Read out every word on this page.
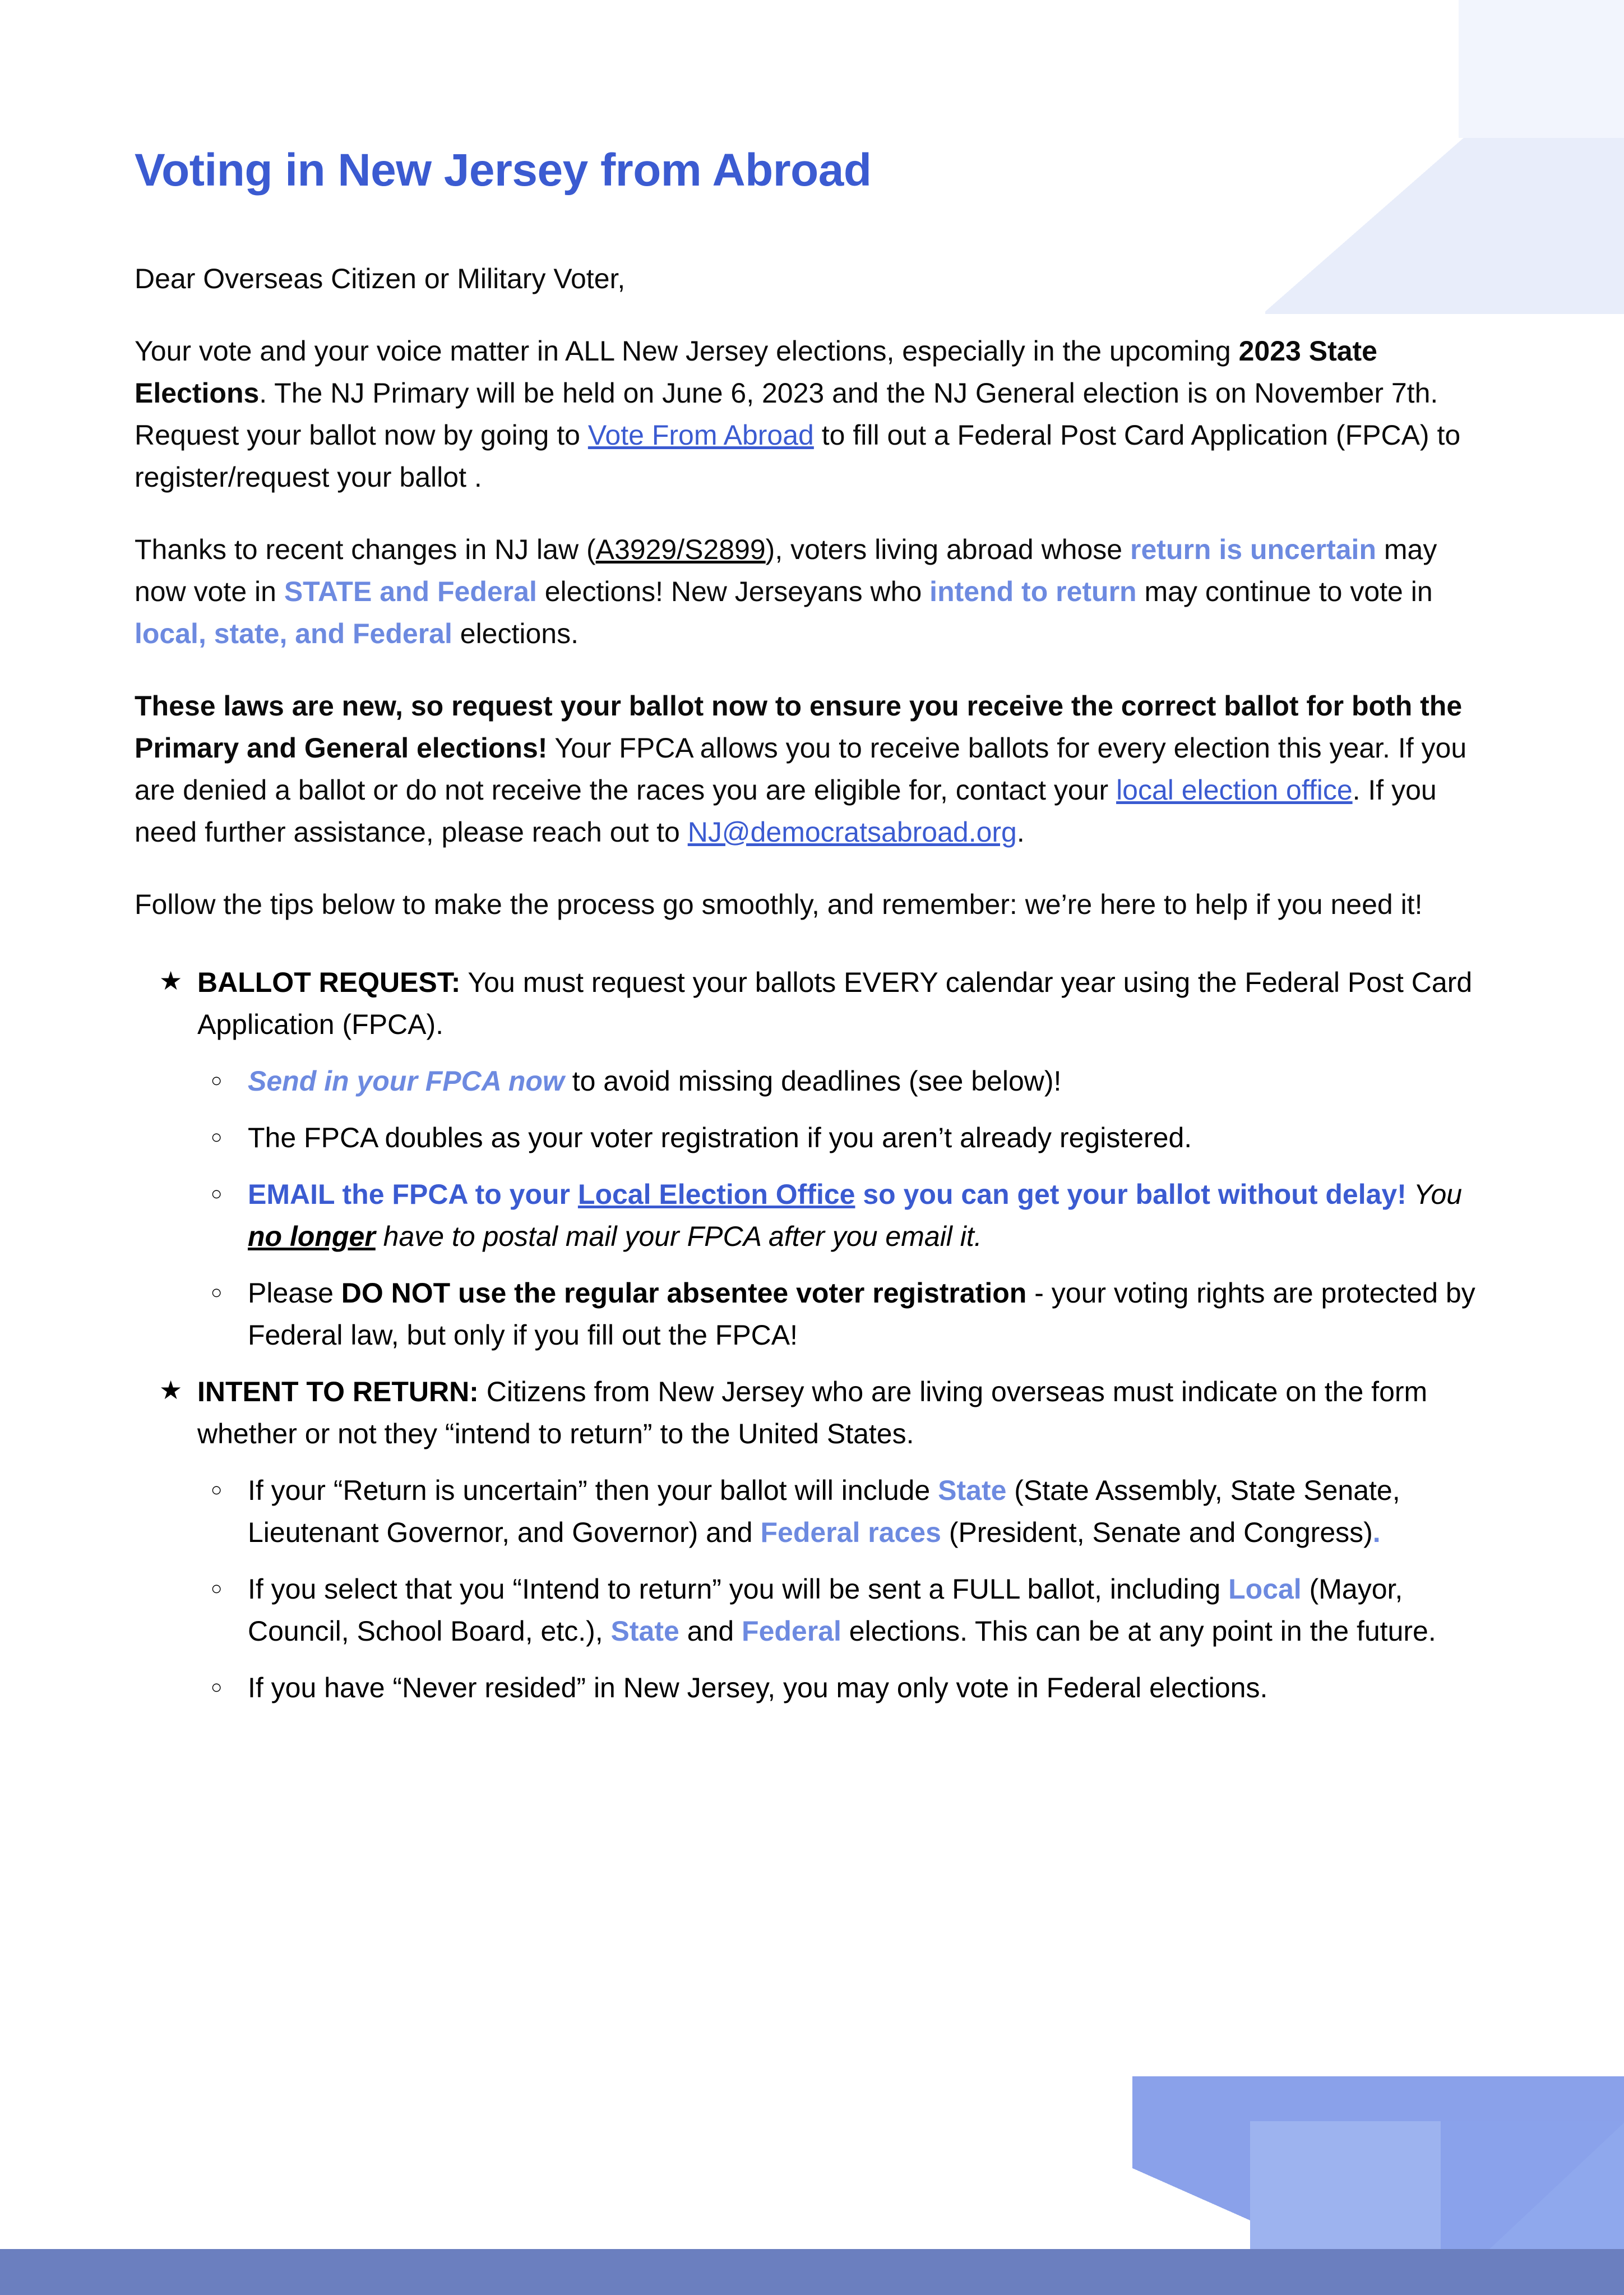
Voting in New Jersey from Abroad

Dear Overseas Citizen or Military Voter,

Your vote and your voice matter in ALL New Jersey elections, especially in the upcoming 2023 State Elections. The NJ Primary will be held on June 6, 2023 and the NJ General election is on November 7th. Request your ballot now by going to Vote From Abroad to fill out a Federal Post Card Application (FPCA) to register/request your ballot .

Thanks to recent changes in NJ law (A3929/S2899), voters living abroad whose return is uncertain may now vote in STATE and Federal elections! New Jerseyans who intend to return may continue to vote in local, state, and Federal elections.

These laws are new, so request your ballot now to ensure you receive the correct ballot for both the Primary and General elections! Your FPCA allows you to receive ballots for every election this year. If you are denied a ballot or do not receive the races you are eligible for, contact your local election office. If you need further assistance, please reach out to NJ@democratsabroad.org.

Follow the tips below to make the process go smoothly, and remember: we’re here to help if you need it!

★ BALLOT REQUEST: You must request your ballots EVERY calendar year using the Federal Post Card Application (FPCA).
○ Send in your FPCA now to avoid missing deadlines (see below)!
○ The FPCA doubles as your voter registration if you aren’t already registered.
○ EMAIL the FPCA to your Local Election Office so you can get your ballot without delay! You no longer have to postal mail your FPCA after you email it.
○ Please DO NOT use the regular absentee voter registration - your voting rights are protected by Federal law, but only if you fill out the FPCA!
★ INTENT TO RETURN: Citizens from New Jersey who are living overseas must indicate on the form whether or not they “intend to return” to the United States.
○ If your “Return is uncertain” then your ballot will include State (State Assembly, State Senate, Lieutenant Governor, and Governor) and Federal races (President, Senate and Congress).
○ If you select that you “Intend to return” you will be sent a FULL ballot, including Local (Mayor, Council, School Board, etc.), State and Federal elections. This can be at any point in the future.
○ If you have “Never resided” in New Jersey, you may only vote in Federal elections.
